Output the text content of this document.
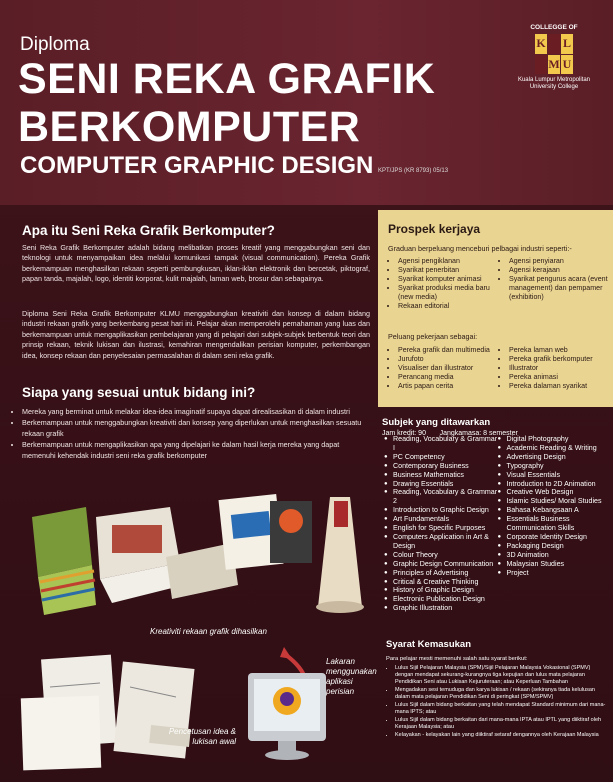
Diploma
SENI REKA GRAFIK
BERKOMPUTER
COMPUTER GRAPHIC DESIGN KPT/JPS (KR 8793) 05/13
COLLEGGE OF
K L
M U
Kuala Lumpur Metropolitan University College
Apa itu Seni Reka Grafik Berkomputer?
Seni Reka Grafik Berkomputer adalah bidang melibatkan proses kreatif yang menggabungkan seni dan teknologi untuk menyampaikan idea melalui komunikasi tampak (visual communication). Pereka Grafik berkemampuan menghasilkan rekaan seperti pembungkusan, iklan-iklan elektronik dan bercetak, piktograf, papan tanda, majalah, logo, identiti korporat, kulit majalah, laman web, brosur dan sebagainya.
Diploma Seni Reka Grafik Berkomputer KLMU menggabungkan kreativiti dan konsep di dalam bidang industri rekaan grafik yang berkembang pesat hari ini. Pelajar akan memperolehi pemahaman yang luas dan berkemampuan untuk mengaplikasikan pembelajaran yang di pelajari dari subjek-subjek berbentuk teori dan prinsip rekaan, teknik lukisan dan ilustrasi, kemahiran mengendalikan perisian komputer, perkembangan idea, konsep rekaan dan penyelesaian permasalahan di dalam seni reka grafik.
Siapa yang sesuai untuk bidang ini?
• Mereka yang berminat untuk melakar idea-idea imaginatif supaya dapat direalisasikan di dalam industri
• Berkemampuan untuk menggabungkan kreativiti dan konsep yang diperlukan untuk menghasilkan sesuatu rekaan grafik
• Berkemampuan untuk mengaplikasikan apa yang dipelajari ke dalam hasil kerja mereka yang dapat memenuhi kehendak industri seni reka grafik berkomputer
Kreativiti rekaan grafik dihasilkan
Pencetusan idea & lukisan awal
Lakaran menggunakan aplikasi perisian
Prospek kerjaya
Graduan berpeluang menceburi pelbagai industri seperti:-
• Agensi pengiklanan
• Syarikat penerbitan
• Syarikat komputer animasi
• Syarikat produksi media baru (new media)
• Rekaan editorial
• Agensi penyiaran
• Agensi kerajaan
• Syarikat pengurus acara (event management) dan pempamer (exhibition)
Peluang pekerjaan sebagai:
• Pereka grafik dan multimedia
• Jurufoto
• Visualiser dan illustrator
• Perancang media
• Artis papan cerita
• Pereka laman web
• Pereka grafik berkomputer
• Illustrator
• Pereka animasi
• Pereka dalaman syarikat
Subjek yang ditawarkan
Jam kredit: 90 Jangkamasa: 8 semester
● Reading, Vocabulary & Grammar I
● PC Competency
● Contemporary Business
● Business Mathematics
● Drawing Essentials
● Reading, Vocabulary & Grammar 2
● Introduction to Graphic Design
● Art Fundamentals
● English for Specific Purposes
● Computers Application in Art & Design
● Colour Theory
● Graphic Design Communication
● Principles of Advertising
● Critical & Creative Thinking
● History of Graphic Design
● Electronic Publication Design
● Graphic Illustration
● Digital Photography
● Academic Reading & Writing
● Advertising Design
● Typography
● Visual Essentials
● Introduction to 2D Animation
● Creative Web Design
● Islamic Studies/ Moral Studies
● Bahasa Kebangsaan A
● Essentials Business Communication Skills
● Corporate Identity Design
● Packaging Design
● 3D Animation
● Malaysian Studies
● Project
Syarat Kemasukan
Para pelajar mesti memenuhi salah satu syarat berikut:
• Lulus Sijil Pelajaran Malaysia (SPM)/Sijil Pelajaran Malaysia Vokasional (SPMV) dengan mendapat sekurang-kurangnya tiga kepujian dan lulus mata pelajaran Pendidikan Seni atau Lukisan Kejuruteraan; atau Keperluan Tambahan
• Mengadakan sesi temuduga dan karya lukisan / rekaan (sekiranya tiada kelulusan dalam mata pelajaran Pendidikan Seni di peringkat (SPM/SPMV)
• Lulus Sijil dalam bidang berkaitan yang telah mendapat Standard minimum dari mana-mana IPTS; atau
• Lulus Sijil dalam bidang berkaitan dari mana-mana IPTA atau IPTL yang diiktiraf oleh Kerajaan Malaysia; atau
• Kelayakan - kelayakan lain yang diiktiraf setaraf dengannya oleh Kerajaan Malaysia
